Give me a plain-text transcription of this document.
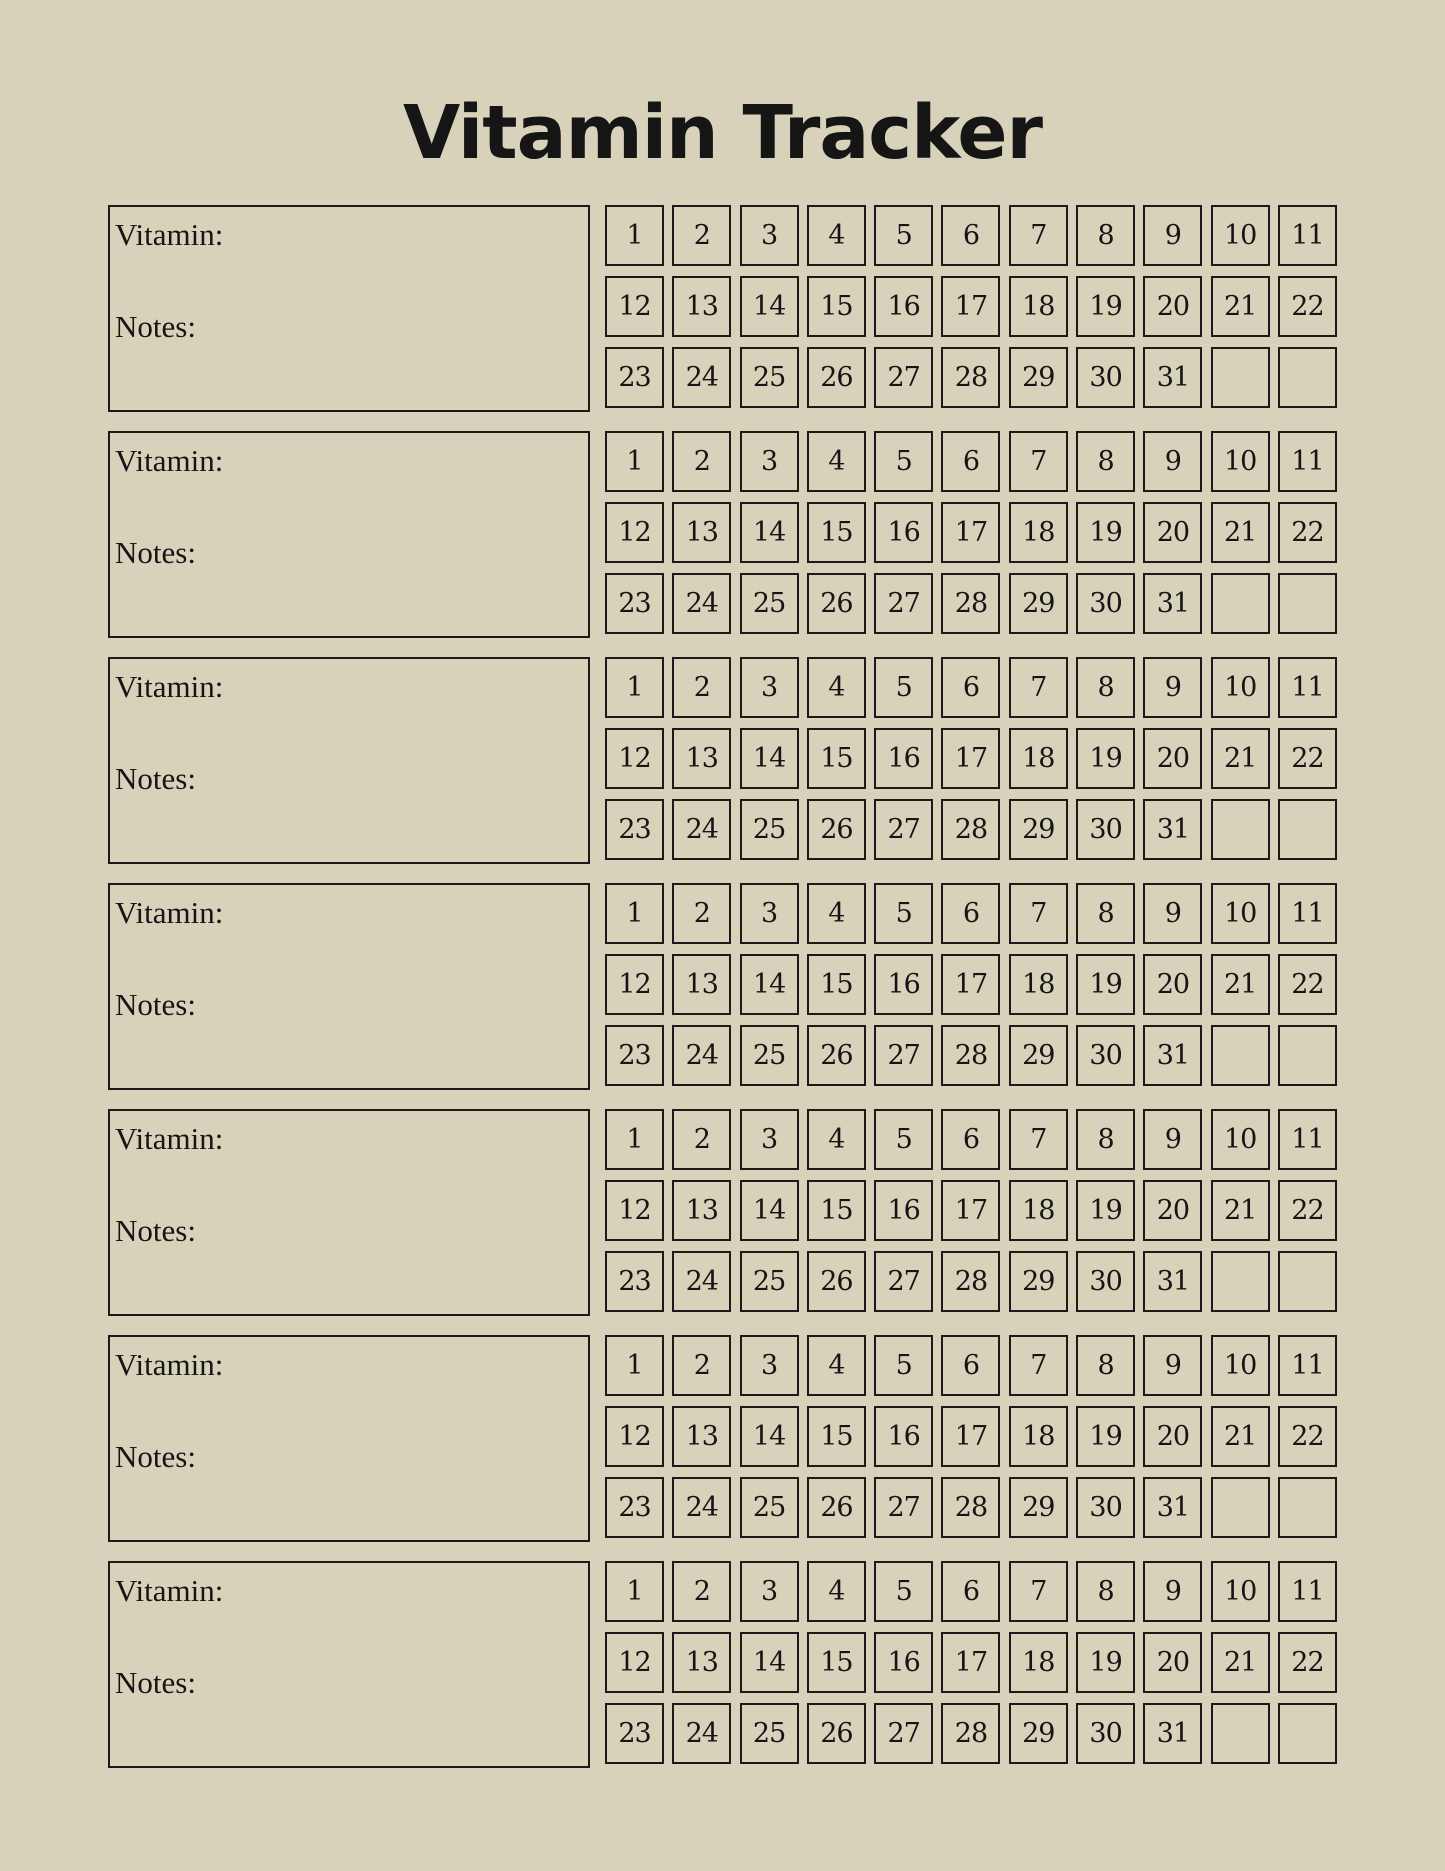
Vitamin Tracker
Vitamin:
Notes:
1	2	3	4	5	6	7	8	9	10	11
12	13	14	15	16	17	18	19	20	21	22
23	24	25	26	27	28	29	30	31
Vitamin:
Notes:
1	2	3	4	5	6	7	8	9	10	11
12	13	14	15	16	17	18	19	20	21	22
23	24	25	26	27	28	29	30	31
Vitamin:
Notes:
1	2	3	4	5	6	7	8	9	10	11
12	13	14	15	16	17	18	19	20	21	22
23	24	25	26	27	28	29	30	31
Vitamin:
Notes:
1	2	3	4	5	6	7	8	9	10	11
12	13	14	15	16	17	18	19	20	21	22
23	24	25	26	27	28	29	30	31
Vitamin:
Notes:
1	2	3	4	5	6	7	8	9	10	11
12	13	14	15	16	17	18	19	20	21	22
23	24	25	26	27	28	29	30	31
Vitamin:
Notes:
1	2	3	4	5	6	7	8	9	10	11
12	13	14	15	16	17	18	19	20	21	22
23	24	25	26	27	28	29	30	31
Vitamin:
Notes:
1	2	3	4	5	6	7	8	9	10	11
12	13	14	15	16	17	18	19	20	21	22
23	24	25	26	27	28	29	30	31
